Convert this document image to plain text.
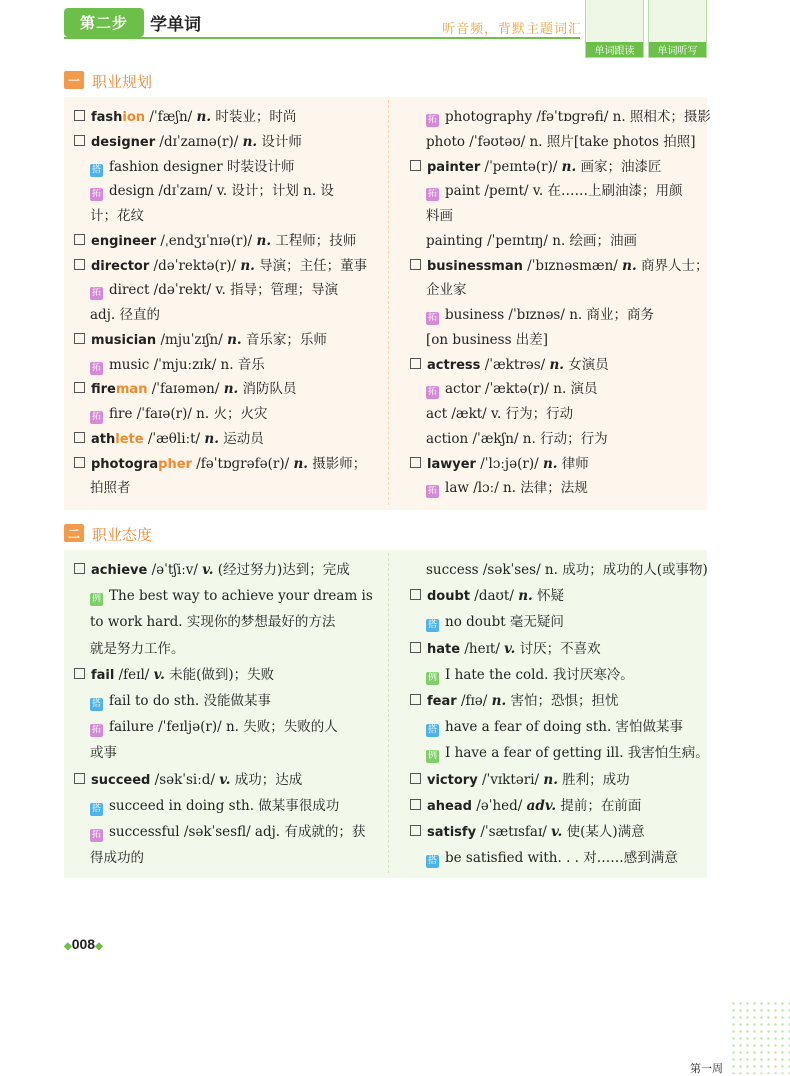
第二步	学单词	听音频，背默主题词汇
单词跟读	单词听写
一 职业规划
fashion /ˈfæʃn/ n. 时装业；时尚
designer /dɪˈzaɪnə(r)/ n. 设计师
搭 fashion designer 时装设计师
拓 design /dɪˈzaɪn/ v. 设计；计划 n. 设
计；花纹
engineer /ˌendʒɪˈnɪə(r)/ n. 工程师；技师
director /dəˈrektə(r)/ n. 导演；主任；董事
拓 direct /dəˈrekt/ v. 指导；管理；导演
adj. 径直的
musician /mjuˈzɪʃn/ n. 音乐家；乐师
拓 music /ˈmjuːzɪk/ n. 音乐
fireman /ˈfaɪəmən/ n. 消防队员
拓 fire /ˈfaɪə(r)/ n. 火；火灾
athlete /ˈæθliːt/ n. 运动员
photographer /fəˈtɒɡrəfə(r)/ n. 摄影师；
拍照者
拓 photography /fəˈtɒɡrəfi/ n. 照相术；摄影
photo /ˈfəʊtəʊ/ n. 照片[take photos 拍照]
painter /ˈpeɪntə(r)/ n. 画家；油漆匠
拓 paint /peɪnt/ v. 在……上刷油漆；用颜
料画
painting /ˈpeɪntɪŋ/ n. 绘画；油画
businessman /ˈbɪznəsmæn/ n. 商界人士；
企业家
拓 business /ˈbɪznəs/ n. 商业；商务
[on business 出差]
actress /ˈæktrəs/ n. 女演员
拓 actor /ˈæktə(r)/ n. 演员
act /ækt/ v. 行为；行动
action /ˈækʃn/ n. 行动；行为
lawyer /ˈlɔːjə(r)/ n. 律师
拓 law /lɔː/ n. 法律；法规
二 职业态度
achieve /əˈtʃiːv/ v. (经过努力)达到；完成
例 The best way to achieve your dream is
to work hard. 实现你的梦想最好的方法
就是努力工作。
fail /feɪl/ v. 未能(做到)；失败
搭 fail to do sth. 没能做某事
拓 failure /ˈfeɪljə(r)/ n. 失败；失败的人
或事
succeed /səkˈsiːd/ v. 成功；达成
搭 succeed in doing sth. 做某事很成功
拓 successful /səkˈsesfl/ adj. 有成就的；获
得成功的
success /səkˈses/ n. 成功；成功的人(或事物)
doubt /daʊt/ n. 怀疑
搭 no doubt 毫无疑问
hate /heɪt/ v. 讨厌；不喜欢
例 I hate the cold. 我讨厌寒冷。
fear /fɪə/ n. 害怕；恐惧；担忧
搭 have a fear of doing sth. 害怕做某事
例 I have a fear of getting ill. 我害怕生病。
victory /ˈvɪktəri/ n. 胜利；成功
ahead /əˈhed/ adv. 提前；在前面
satisfy /ˈsætɪsfaɪ/ v. 使(某人)满意
搭 be satisfied with. . . 对……感到满意
◆008◆
第一周
